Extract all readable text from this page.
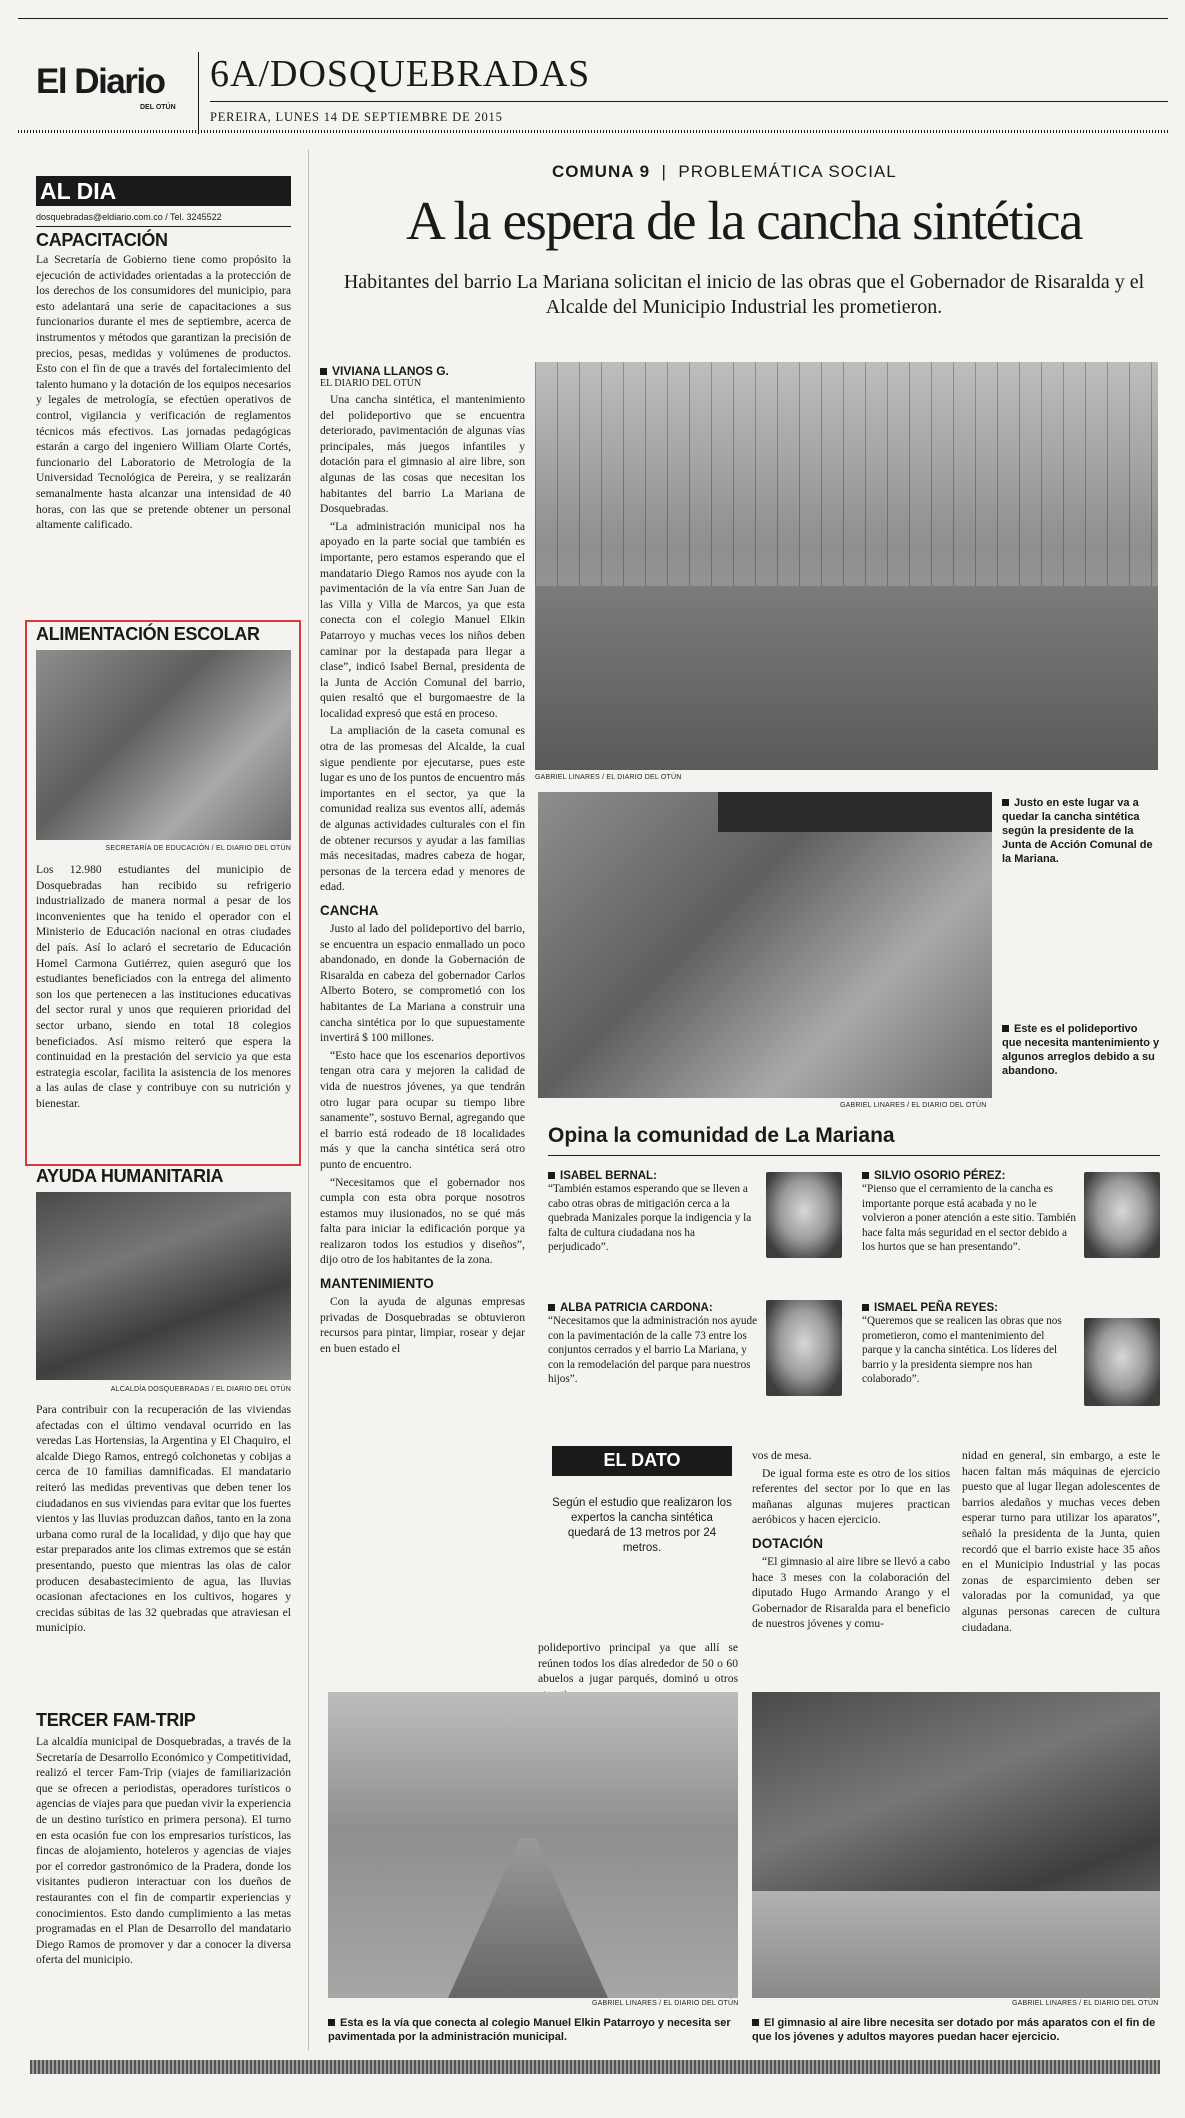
El Diario
DEL OTÚN
6A/DOSQUEBRADAS
PEREIRA, LUNES 14 DE SEPTIEMBRE DE 2015
AL DIA
dosquebradas@eldiario.com.co / Tel. 3245522
CAPACITACIÓN

La Secretaría de Gobierno tiene como propósito la ejecución de actividades orientadas a la protección de los derechos de los consumidores del municipio, para esto adelantará una serie de capacitaciones a sus funcionarios durante el mes de septiembre, acerca de instrumentos y métodos que garantizan la precisión de precios, pesas, medidas y volúmenes de productos. Esto con el fin de que a través del fortalecimiento del talento humano y la dotación de los equipos necesarios y legales de metrología, se efectúen operativos de control, vigilancia y verificación de reglamentos técnicos más efectivos. Las jornadas pedagógicas estarán a cargo del ingeniero William Olarte Cortés, funcionario del Laboratorio de Metrología de la Universidad Tecnológica de Pereira, y se realizarán semanalmente hasta alcanzar una intensidad de 40 horas, con las que se pretende obtener un personal altamente calificado.

ALIMENTACIÓN ESCOLAR
SECRETARÍA DE EDUCACIÓN / EL DIARIO DEL OTÚN

Los 12.980 estudiantes del municipio de Dosquebradas han recibido su refrigerio industrializado de manera normal a pesar de los inconvenientes que ha tenido el operador con el Ministerio de Educación nacional en otras ciudades del país. Así lo aclaró el secretario de Educación Homel Carmona Gutiérrez, quien aseguró que los estudiantes beneficiados con la entrega del alimento son los que pertenecen a las instituciones educativas del sector rural y unos que requieren prioridad del sector urbano, siendo en total 18 colegios beneficiados. Así mismo reiteró que espera la continuidad en la prestación del servicio ya que esta estrategia escolar, facilita la asistencia de los menores a las aulas de clase y contribuye con su nutrición y bienestar.

AYUDA HUMANITARIA
ALCALDÍA DOSQUEBRADAS / EL DIARIO DEL OTÚN

Para contribuir con la recuperación de las viviendas afectadas con el último vendaval ocurrido en las veredas Las Hortensias, la Argentina y El Chaquiro, el alcalde Diego Ramos, entregó colchonetas y cobijas a cerca de 10 familias damnificadas. El mandatario reiteró las medidas preventivas que deben tener los ciudadanos en sus viviendas para evitar que los fuertes vientos y las lluvias produzcan daños, tanto en la zona urbana como rural de la localidad, y dijo que hay que estar preparados ante los climas extremos que se están presentando, puesto que mientras las olas de calor producen desabastecimiento de agua, las lluvias ocasionan afectaciones en los cultivos, hogares y crecidas súbitas de las 32 quebradas que atraviesan el municipio.

TERCER FAM-TRIP

La alcaldía municipal de Dosquebradas, a través de la Secretaría de Desarrollo Económico y Competitividad, realizó el tercer Fam-Trip (viajes de familiarización que se ofrecen a periodistas, operadores turísticos o agencias de viajes para que puedan vivir la experiencia de un destino turístico en primera persona). El turno en esta ocasión fue con los empresarios turísticos, las fincas de alojamiento, hoteleros y agencias de viajes por el corredor gastronómico de la Pradera, donde los visitantes pudieron interactuar con los dueños de restaurantes con el fin de compartir experiencias y conocimientos. Esto dando cumplimiento a las metas programadas en el Plan de Desarrollo del mandatario Diego Ramos de promover y dar a conocer la diversa oferta del municipio.

COMUNA 9  |  PROBLEMÁTICA SOCIAL
A la espera de la cancha sintética
Habitantes del barrio La Mariana solicitan el inicio de las obras que el Gobernador de Risaralda y el Alcalde del Municipio Industrial les prometieron.
VIVIANA LLANOS G.
EL DIARIO DEL OTÚN

Una cancha sintética, el mantenimiento del polideportivo que se encuentra deteriorado, pavimentación de algunas vías principales, más juegos infantiles y dotación para el gimnasio al aire libre, son algunas de las cosas que necesitan los habitantes del barrio La Mariana de Dosquebradas.

“La administración municipal nos ha apoyado en la parte social que también es importante, pero estamos esperando que el mandatario Diego Ramos nos ayude con la pavimentación de la vía entre San Juan de las Villa y Villa de Marcos, ya que esta conecta con el colegio Manuel Elkin Patarroyo y muchas veces los niños deben caminar por la destapada para llegar a clase”, indicó Isabel Bernal, presidenta de la Junta de Acción Comunal del barrio, quien resaltó que el burgomaestre de la localidad expresó que está en proceso.

La ampliación de la caseta comunal es otra de las promesas del Alcalde, la cual sigue pendiente por ejecutarse, pues este lugar es uno de los puntos de encuentro más importantes en el sector, ya que la comunidad realiza sus eventos allí, además de algunas actividades culturales con el fin de obtener recursos y ayudar a las familias más necesitadas, madres cabeza de hogar, personas de la tercera edad y menores de edad.

CANCHA

Justo al lado del polideportivo del barrio, se encuentra un espacio enmallado un poco abandonado, en donde la Gobernación de Risaralda en cabeza del gobernador Carlos Alberto Botero, se comprometió con los habitantes de La Mariana a construir una cancha sintética por lo que supuestamente invertirá $ 100 millones.

“Esto hace que los escenarios deportivos tengan otra cara y mejoren la calidad de vida de nuestros jóvenes, ya que tendrán otro lugar para ocupar su tiempo libre sanamente”, sostuvo Bernal, agregando que el barrio está rodeado de 18 localidades más y que la cancha sintética será otro punto de encuentro.

“Necesitamos que el gobernador nos cumpla con esta obra porque nosotros estamos muy ilusionados, no se qué más falta para iniciar la edificación porque ya realizaron todos los estudios y diseños”, dijo otro de los habitantes de la zona.

MANTENIMIENTO

Con la ayuda de algunas empresas privadas de Dosquebradas se obtuvieron recursos para pintar, limpiar, rosear y dejar en buen estado el

GABRIEL LINARES / EL DIARIO DEL OTÚN
GABRIEL LINARES / EL DIARIO DEL OTÚN
Justo en este lugar va a quedar la cancha sintética según la presidente de la Junta de Acción Comunal de la Mariana.
Este es el polideportivo que necesita mantenimiento y algunos arreglos debido a su abandono.
Opina la comunidad de La Mariana
ISABEL BERNAL:
“También estamos esperando que se lleven a cabo otras obras de mitigación cerca a la quebrada Manizales porque la indigencia y la falta de cultura ciudadana nos ha perjudicado”.
SILVIO OSORIO PÉREZ:
“Pienso que el cerramiento de la cancha es importante porque está acabada y no le volvieron a poner atención a este sitio. También hace falta más seguridad en el sector debido a los hurtos que se han presentando”.
ALBA PATRICIA CARDONA:
“Necesitamos que la administración nos ayude con la pavimentación de la calle 73 entre los conjuntos cerrados y el barrio La Mariana, y con la remodelación del parque para nuestros hijos”.
ISMAEL PEÑA REYES:
“Queremos que se realicen las obras que nos prometieron, como el mantenimiento del parque y la cancha sintética. Los líderes del barrio y la presidenta siempre nos han colaborado”.
EL DATO
Según el estudio que realizaron los expertos la cancha sintética quedará de 13 metros por 24 metros.

polideportivo principal ya que allí se reúnen todos los días alrededor de 50 o 60 abuelos a jugar parqués, dominó u otros

vos de mesa.

De igual forma este es otro de los sitios referentes del sector por lo que en las mañanas algunas mujeres practican aeróbicos y hacen ejercicio.

DOTACIÓN

“El gimnasio al aire libre se llevó a cabo hace 3 meses con la colaboración del diputado Hugo Armando Arango y el Gobernador de Risaralda para el beneficio de nuestros jóvenes y comu-

nidad en general, sin embargo, a este le hacen faltan más máquinas de ejercicio puesto que al lugar llegan adolescentes de barrios aledaños y muchas veces deben esperar turno para utilizar los aparatos”, señaló la presidenta de la Junta, quien recordó que el barrio existe hace 35 años en el Municipio Industrial y las pocas zonas de esparcimiento deben ser valoradas por la comunidad, ya que algunas personas carecen de cultura ciudadana.

GABRIEL LINARES / EL DIARIO DEL OTÚN	GABRIEL LINARES / EL DIARIO DEL OTÚN
Esta es la vía que conecta al colegio Manuel Elkin Patarroyo y necesita ser pavimentada por la administración municipal.
El gimnasio al aire libre necesita ser dotado por más aparatos con el fin de que los jóvenes y adultos mayores puedan hacer ejercicio.
